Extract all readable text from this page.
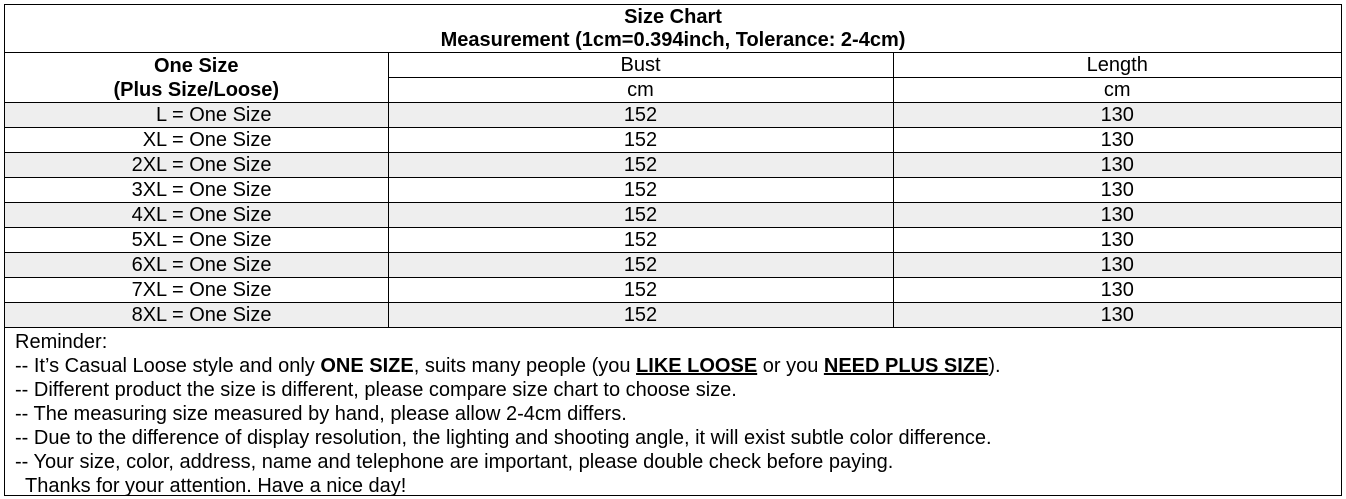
Size Chart
Measurement (1cm=0.394inch, Tolerance: 2-4cm)
One Size
(Plus Size/Loose)	Bust	Length
	cm	cm
L = One Size	152	130
XL = One Size	152	130
2XL = One Size	152	130
3XL = One Size	152	130
4XL = One Size	152	130
5XL = One Size	152	130
6XL = One Size	152	130
7XL = One Size	152	130
8XL = One Size	152	130
Reminder:
-- It’s Casual Loose style and only ONE SIZE, suits many people (you LIKE LOOSE or you NEED PLUS SIZE).
-- Different product the size is different, please compare size chart to choose size.
-- The measuring size measured by hand, please allow 2-4cm differs.
-- Due to the difference of display resolution, the lighting and shooting angle, it will exist subtle color difference.
-- Your size, color, address, name and telephone are important, please double check before paying.
Thanks for your attention. Have a nice day!
